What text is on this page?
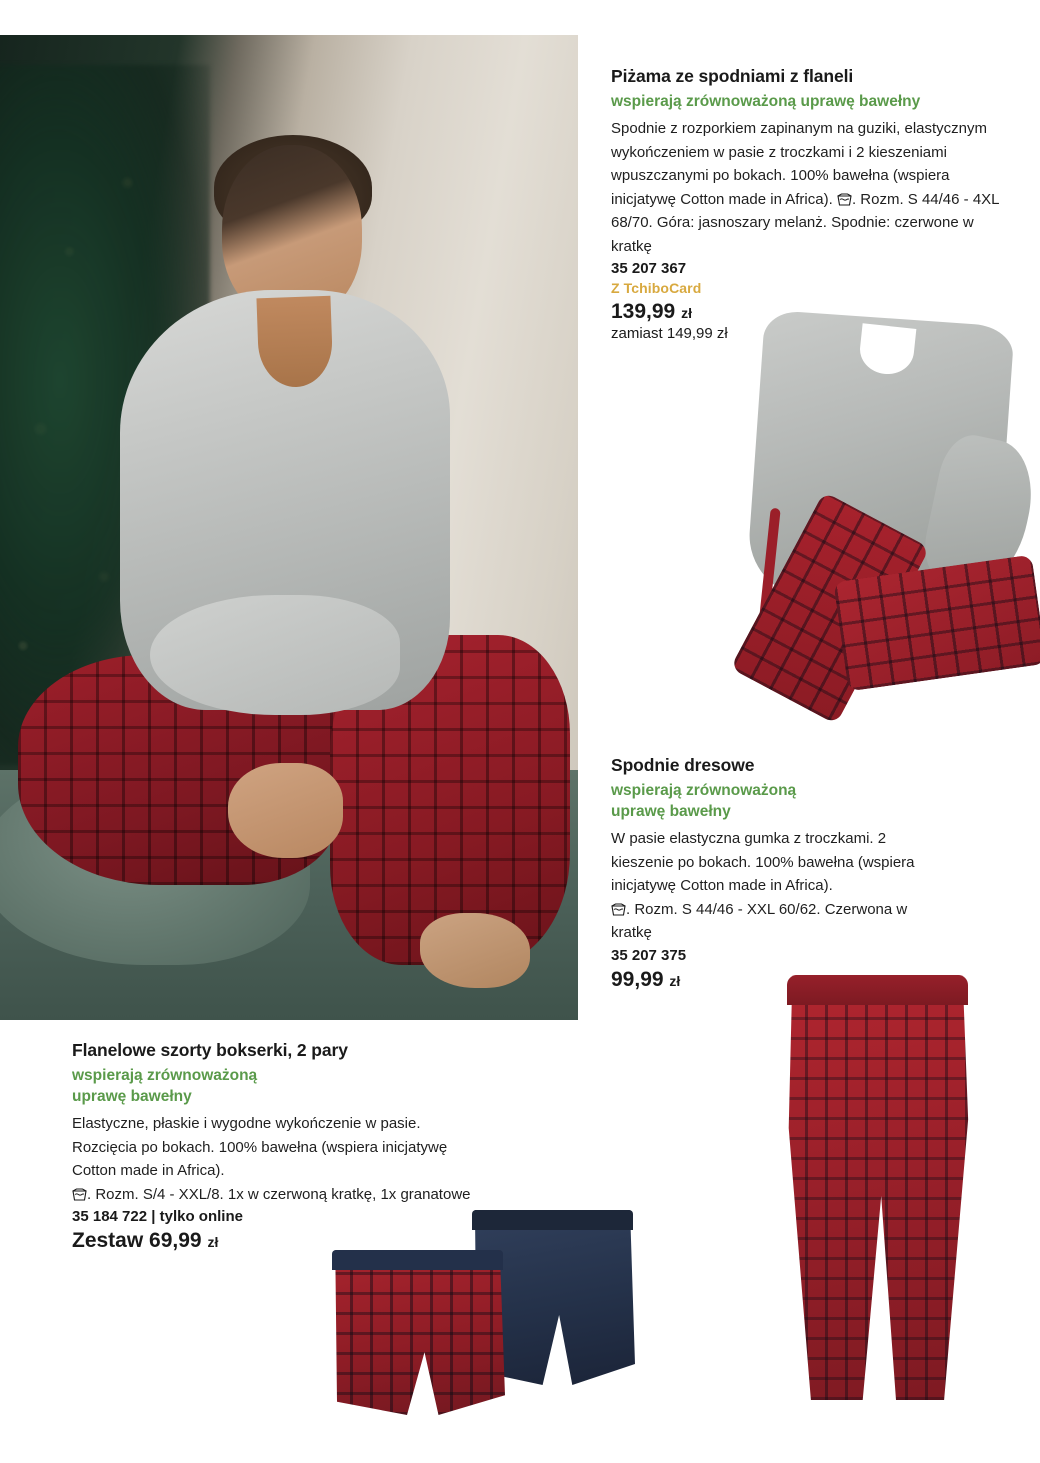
Piżama ze spodniami z flaneli

wspierają zrównoważoną uprawę bawełny

Spodnie z rozporkiem zapinanym na guziki, elastycznym wykończeniem w pasie z troczkami i 2 kieszeniami wpuszczanymi po bokach. 100% bawełna (wspiera inicjatywę Cotton made in Africa). . Rozm. S 44/46 - 4XL 68/70. Góra: jasnoszary melanż. Spodnie: czerwone w kratkę

35 207 367

Z TchiboCard

139,99 zł

zamiast 149,99 zł

Spodnie dresowe

wspierają zrównoważoną
uprawę bawełny

W pasie elastyczna gumka z troczkami. 2 kieszenie po bokach. 100% bawełna (wspiera inicjatywę Cotton made in Africa).
. Rozm. S 44/46 - XXL 60/62. Czerwona w kratkę

35 207 375

99,99 zł

Flanelowe szorty bokserki, 2 pary

wspierają zrównoważoną
uprawę bawełny

Elastyczne, płaskie i wygodne wykończenie w pasie. Rozcięcia po bokach. 100% bawełna (wspiera inicjatywę Cotton made in Africa).
. Rozm. S/4 - XXL/8. 1x w czerwoną kratkę, 1x granatowe

35 184 722 | tylko online

Zestaw 69,99 zł
